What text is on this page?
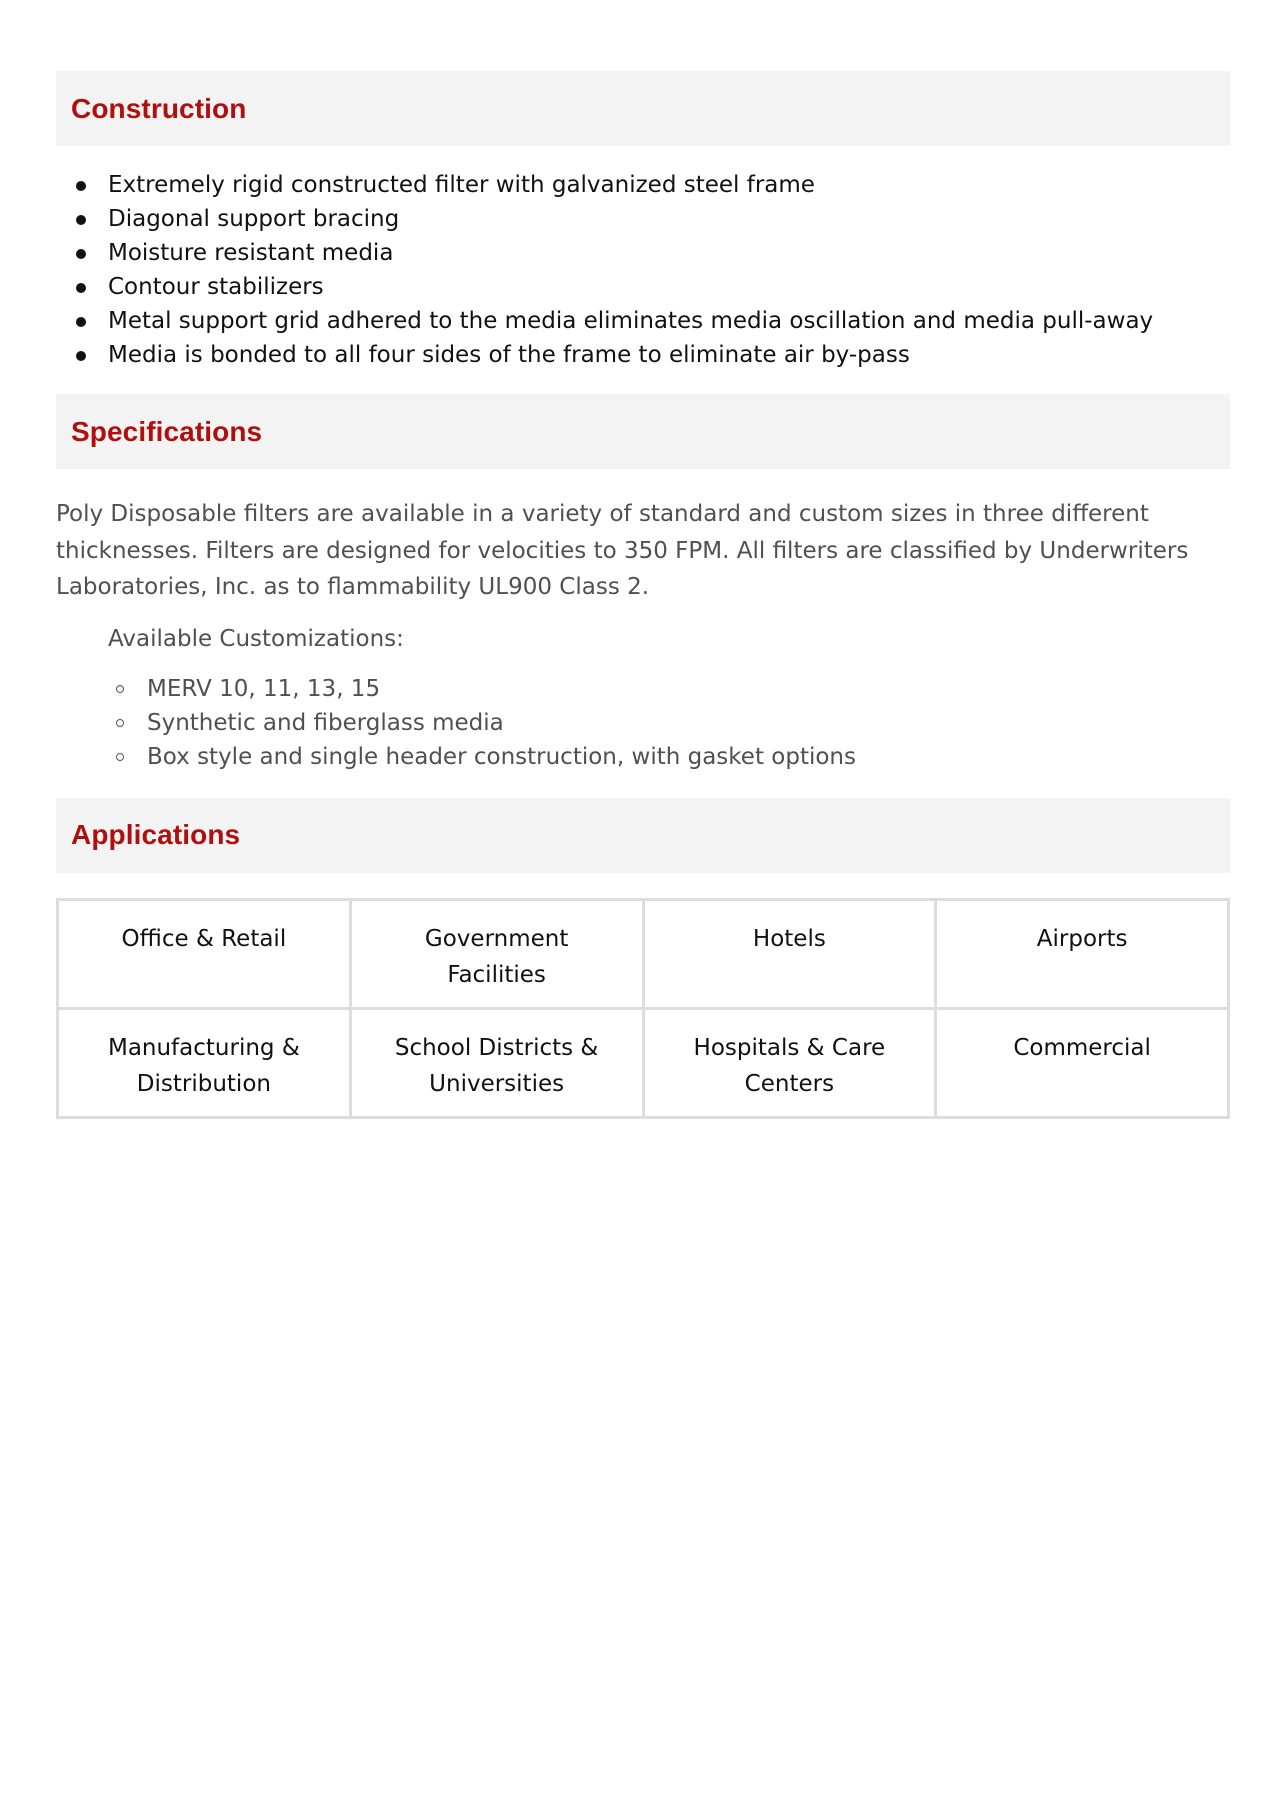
Construction
Extremely rigid constructed filter with galvanized steel frame
Diagonal support bracing
Moisture resistant media
Contour stabilizers
Metal support grid adhered to the media eliminates media oscillation and media pull-away
Media is bonded to all four sides of the frame to eliminate air by-pass
Specifications

Poly Disposable filters are available in a variety of standard and custom sizes in three different thicknesses. Filters are designed for velocities to 350 FPM. All filters are classified by Underwriters Laboratories, Inc. as to flammability UL900 Class 2.

Available Customizations:
MERV 10, 11, 13, 15
Synthetic and fiberglass media
Box style and single header construction, with gasket options
Applications
Office & Retail	Government Facilities	Hotels	Airports
Manufacturing & Distribution	School Districts & Universities	Hospitals & Care Centers	Commercial
